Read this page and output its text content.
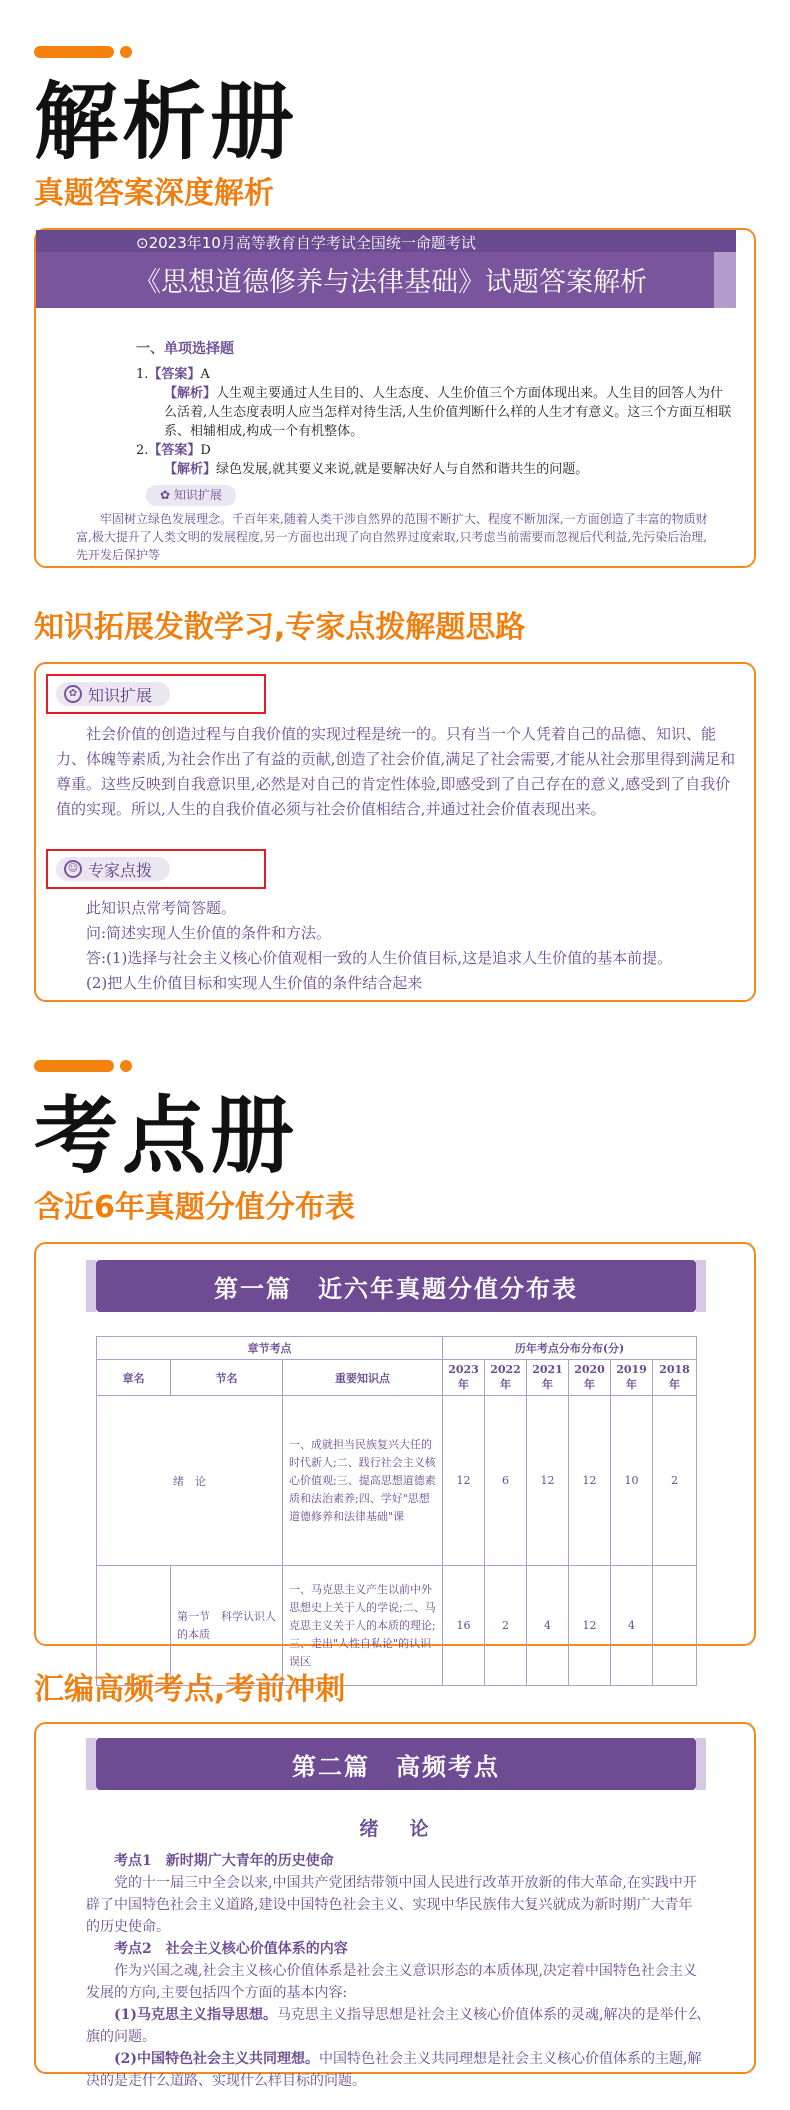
解析册
真题答案深度解析
⊙2023年10月高等教育自学考试全国统一命题考试
《思想道德修养与法律基础》试题答案解析
一、单项选择题
1.【答案】A
【解析】人生观主要通过人生目的、人生态度、人生价值三个方面体现出来。人生目的回答人为什么活着,人生态度表明人应当怎样对待生活,人生价值判断什么样的人生才有意义。这三个方面互相联系、相辅相成,构成一个有机整体。
2.【答案】D
【解析】绿色发展,就其要义来说,就是要解决好人与自然和谐共生的问题。
✿ 知识扩展
牢固树立绿色发展理念。千百年来,随着人类干涉自然界的范围不断扩大、程度不断加深,一方面创造了丰富的物质财富,极大提升了人类文明的发展程度,另一方面也出现了向自然界过度索取,只考虑当前需要而忽视后代利益,先污染后治理,先开发后保护等
知识拓展发散学习,专家点拨解题思路
✿ 知识扩展
社会价值的创造过程与自我价值的实现过程是统一的。只有当一个人凭着自己的品德、知识、能力、体魄等素质,为社会作出了有益的贡献,创造了社会价值,满足了社会需要,才能从社会那里得到满足和尊重。这些反映到自我意识里,必然是对自己的肯定性体验,即感受到了自己存在的意义,感受到了自我价值的实现。所以,人生的自我价值必须与社会价值相结合,并通过社会价值表现出来。
☺ 专家点拨
此知识点常考简答题。
问:简述实现人生价值的条件和方法。
答:(1)选择与社会主义核心价值观相一致的人生价值目标,这是追求人生价值的基本前提。
(2)把人生价值目标和实现人生价值的条件结合起来
考点册
含近6年真题分值分布表
第一篇　近六年真题分值分布表
章节考点			历年考点分布分布(分)					
章名	节名	重要知识点	2023年	2022年	2021年	2020年	2019年	2018年
绪　论		一、成就担当民族复兴大任的时代新人;二、践行社会主义核心价值观;三、提高思想道德素质和法治素养;四、学好"思想道德修养和法律基础"课	12	6	12	12	10	2
	第一节　科学认识人的本质	一、马克思主义产生以前中外思想史上关于人的学说;二、马克思主义关于人的本质的理论;三、走出"人性自私论"的认识误区	16	2	4	12	4	
汇编高频考点,考前冲刺
第二篇　高频考点
绪　论
考点1　新时期广大青年的历史使命
党的十一届三中全会以来,中国共产党团结带领中国人民进行改革开放新的伟大革命,在实践中开辟了中国特色社会主义道路,建设中国特色社会主义、实现中华民族伟大复兴就成为新时期广大青年的历史使命。
考点2　社会主义核心价值体系的内容
作为兴国之魂,社会主义核心价值体系是社会主义意识形态的本质体现,决定着中国特色社会主义发展的方向,主要包括四个方面的基本内容:
(1)马克思主义指导思想。马克思主义指导思想是社会主义核心价值体系的灵魂,解决的是举什么旗的问题。
(2)中国特色社会主义共同理想。中国特色社会主义共同理想是社会主义核心价值体系的主题,解决的是走什么道路、实现什么样目标的问题。
